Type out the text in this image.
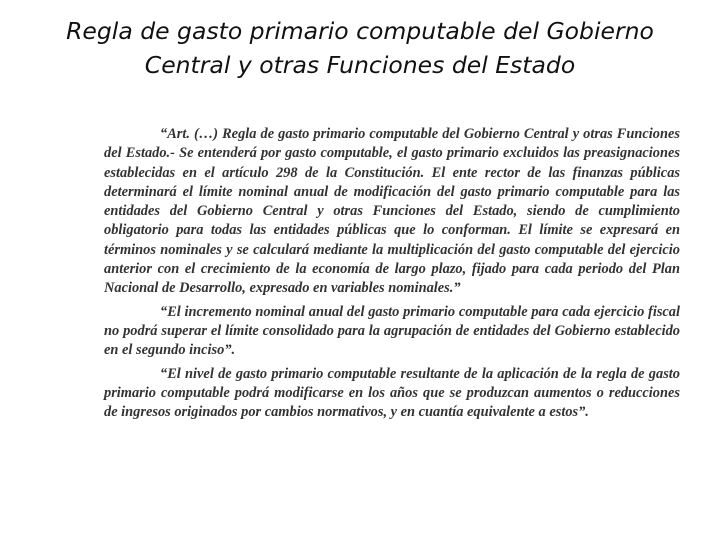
Regla de gasto primario computable del Gobierno
Central y otras Funciones del Estado

“Art. (…) Regla de gasto primario computable del Gobierno Central y otras Funciones del Estado.- Se entenderá por gasto computable, el gasto primario excluidos las preasignaciones establecidas en el artículo 298 de la Constitución. El ente rector de las finanzas públicas determinará el límite nominal anual de modificación del gasto primario computable para las entidades del Gobierno Central y otras Funciones del Estado, siendo de cumplimiento obligatorio para todas las entidades públicas que lo conforman. El límite se expresará en términos nominales y se calculará mediante la multiplicación del gasto computable del ejercicio anterior con el crecimiento de la economía de largo plazo, fijado para cada periodo del Plan Nacional de Desarrollo, expresado en variables nominales.”

“El incremento nominal anual del gasto primario computable para cada ejercicio fiscal no podrá superar el límite consolidado para la agrupación de entidades del Gobierno establecido en el segundo inciso”.

“El nivel de gasto primario computable resultante de la aplicación de la regla de gasto primario computable podrá modificarse en los años que se produzcan aumentos o reducciones de ingresos originados por cambios normativos, y en cuantía equivalente a estos”.
